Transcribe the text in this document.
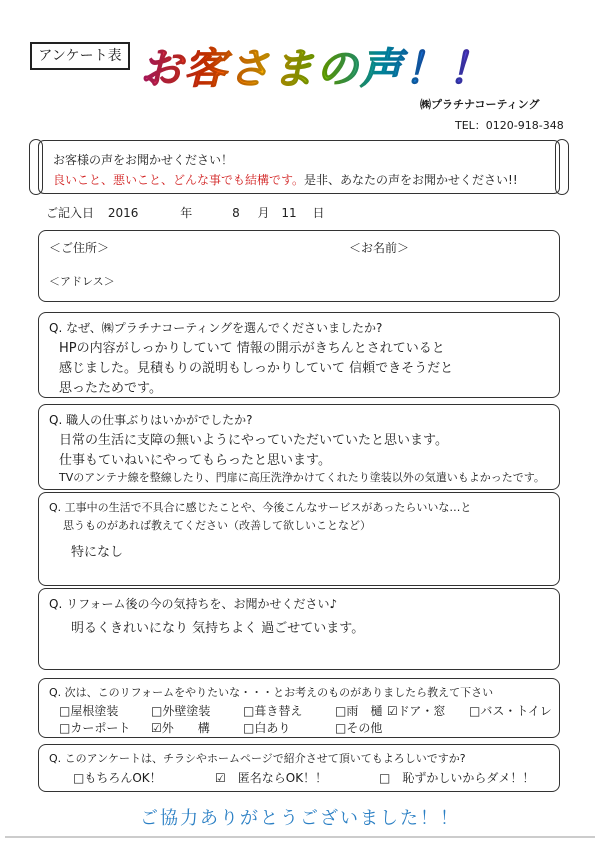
アンケート表 お客さまの声！！
㈱プラチナコーティング
TEL：0120-918-348
お客様の声をお聞かせください！
良いこと、悪いこと、どんな事でも結構です。是非、あなたの声をお聞かせください!!
ご記入日 2016	年	8 月 11 日
＜ご住所＞	＜お名前＞
＜アドレス＞
Q. なぜ、㈱プラチナコーティングを選んでくださいましたか?
HPの内容がしっかりしていて 情報の開示がきちんとされていると
感じました。見積もりの説明もしっかりしていて 信頼できそうだと
思ったためです。
Q. 職人の仕事ぶりはいかがでしたか?
日常の生活に支障の無いようにやっていただいていたと思います。
仕事もていねいにやってもらったと思います。
TVのアンテナ線を整線したり、門扉に高圧洗浄かけてくれたり塗装以外の気遣いもよかったです。
Q. 工事中の生活で不具合に感じたことや、今後こんなサービスがあったらいいな…と
思うものがあれば教えてください（改善して欲しいことなど）
特になし
Q. リフォーム後の今の気持ちを、お聞かせください♪
明るくきれいになり 気持ちよく 過ごせています。
Q. 次は、このリフォームをやりたいな・・・とお考えのものがありましたら教えて下さい
□屋根塗装	□外壁塗装	□葺き替え	□雨　樋 ☑ドア・窓 □バス・トイレ
□カーポート ☑外　　構	□白あり	□その他
Q. このアンケートは、チラシやホームページで紹介させて頂いてもよろしいですか?
□もちろんOK！	☑　匿名ならOK！！	□　恥ずかしいからダメ！！
ご協力ありがとうございました！！
